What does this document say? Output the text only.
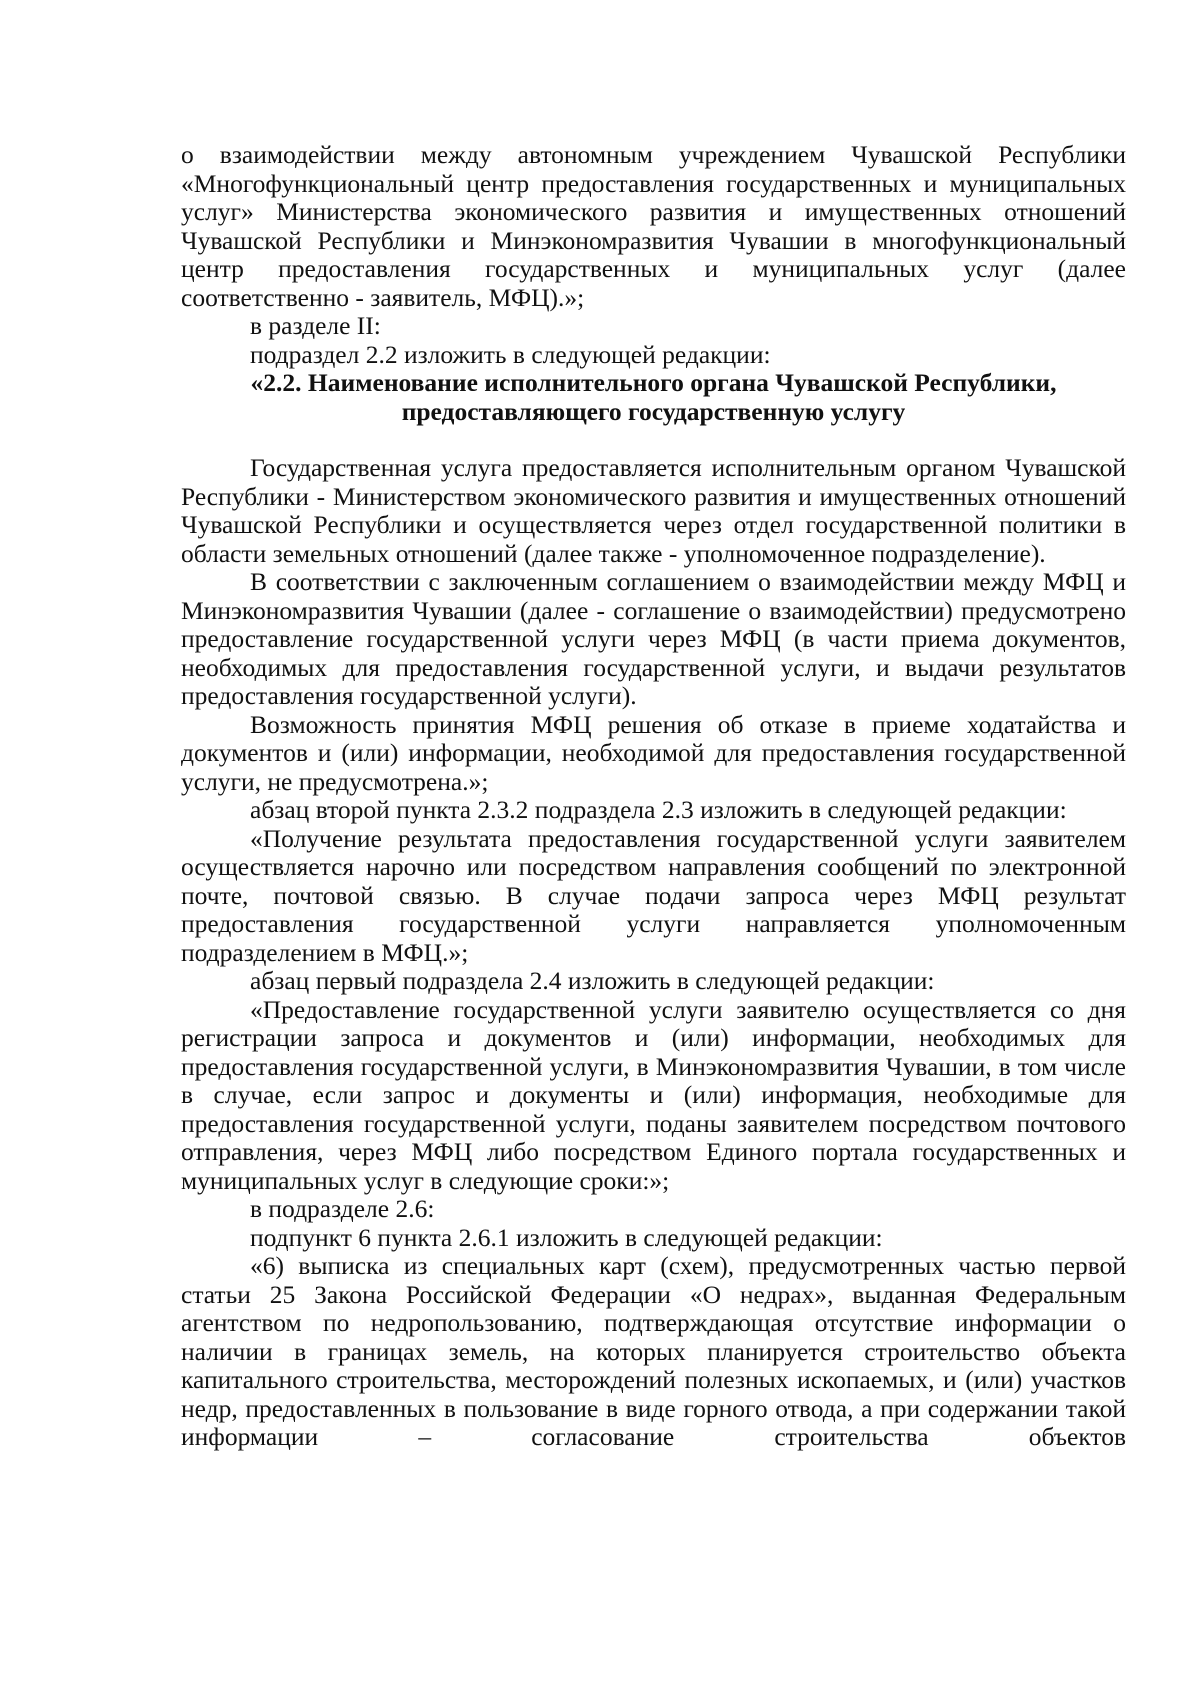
о взаимодействии между автономным учреждением Чувашской Республики «Многофункциональный центр предоставления государственных и муниципальных услуг» Министерства экономического развития и имущественных отношений Чувашской Республики и Минэкономразвития Чувашии в многофункциональный центр предоставления государственных и муниципальных услуг (далее соответственно - заявитель, МФЦ).»;

в разделе II:

подраздел 2.2 изложить в следующей редакции:

«2.2. Наименование исполнительного органа Чувашской Республики,

предоставляющего государственную услугу

Государственная услуга предоставляется исполнительным органом Чувашской Республики - Министерством экономического развития и имущественных отношений Чувашской Республики и осуществляется через отдел государственной политики в области земельных отношений (далее также - уполномоченное подразделение).

В соответствии с заключенным соглашением о взаимодействии между МФЦ и Минэкономразвития Чувашии (далее - соглашение о взаимодействии) предусмотрено предоставление государственной услуги через МФЦ (в части приема документов, необходимых для предоставления государственной услуги, и выдачи результатов предоставления государственной услуги).

Возможность принятия МФЦ решения об отказе в приеме ходатайства и документов и (или) информации, необходимой для предоставления государственной услуги, не предусмотрена.»;

абзац второй пункта 2.3.2 подраздела 2.3 изложить в следующей редакции:

«Получение результата предоставления государственной услуги заявителем осуществляется нарочно или посредством направления сообщений по электронной почте, почтовой связью. В случае подачи запроса через МФЦ результат предоставления государственной услуги направляется уполномоченным подразделением в МФЦ.»;

абзац первый подраздела 2.4 изложить в следующей редакции:

«Предоставление государственной услуги заявителю осуществляется со дня регистрации запроса и документов и (или) информации, необходимых для предоставления государственной услуги, в Минэкономразвития Чувашии, в том числе в случае, если запрос и документы и (или) информация, необходимые для предоставления государственной услуги, поданы заявителем посредством почтового отправления, через МФЦ либо посредством Единого портала государственных и муниципальных услуг в следующие сроки:»;

в подразделе 2.6:

подпункт 6 пункта 2.6.1 изложить в следующей редакции:

«6) выписка из специальных карт (схем), предусмотренных частью первой статьи 25 Закона Российской Федерации «О недрах», выданная Федеральным агентством по недропользованию, подтверждающая отсутствие информации о наличии в границах земель, на которых планируется строительство объекта капитального строительства, месторождений полезных ископаемых, и (или) участков недр, предоставленных в пользование в виде горного отвода, а при содержании такой информации – согласование строительства объектов
